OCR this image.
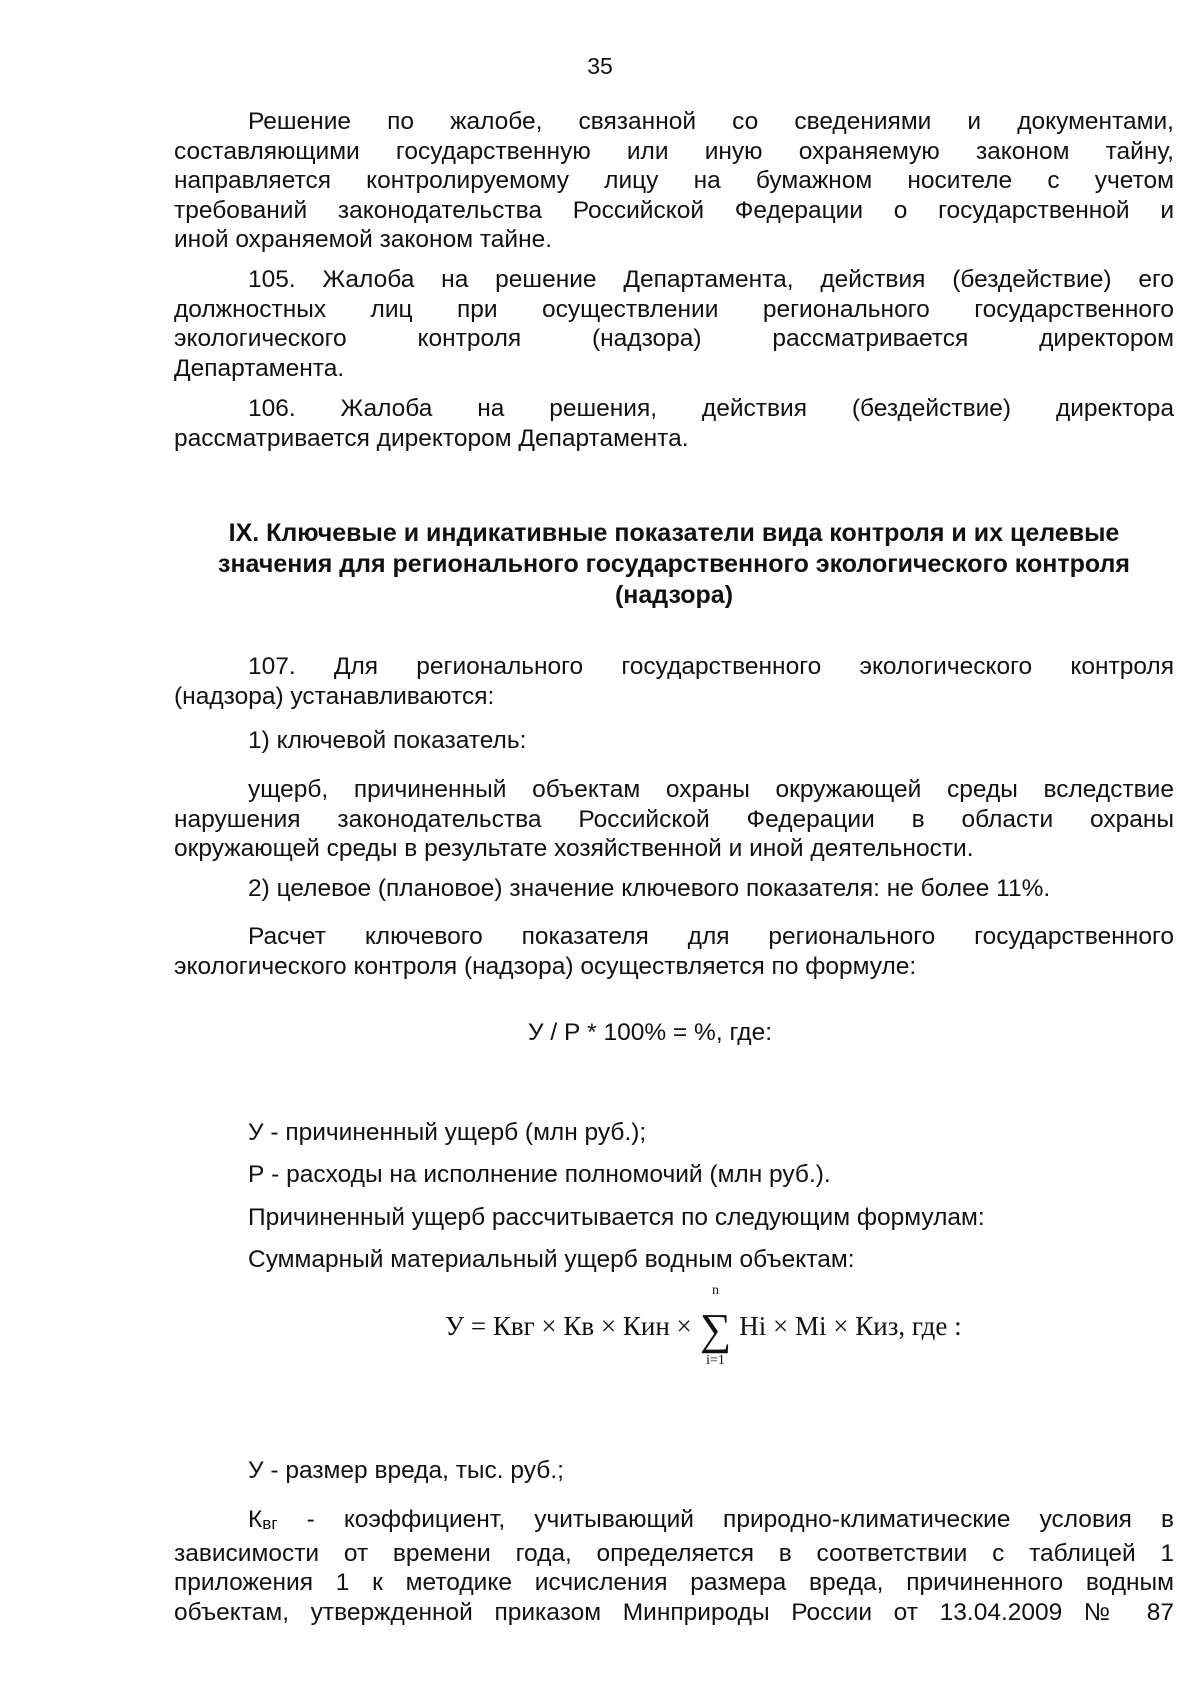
35
Решение по жалобе, связанной со сведениями и документами,
составляющими государственную или иную охраняемую законом тайну,
направляется контролируемому лицу на бумажном носителе с учетом
требований законодательства Российской Федерации о государственной и
иной охраняемой законом тайне.
105. Жалоба на решение Департамента, действия (бездействие) его
должностных лиц при осуществлении регионального государственного
экологического контроля (надзора) рассматривается директором
Департамента.
106. Жалоба на решения, действия (бездействие) директора
рассматривается директором Департамента.
IX. Ключевые и индикативные показатели вида контроля и их целевые
значения для регионального государственного экологического контроля
(надзора)
107. Для регионального государственного экологического контроля
(надзора) устанавливаются:
1) ключевой показатель:
ущерб, причиненный объектам охраны окружающей среды вследствие
нарушения законодательства Российской Федерации в области охраны
окружающей среды в результате хозяйственной и иной деятельности.
2) целевое (плановое) значение ключевого показателя: не более 11%.
Расчет ключевого показателя для регионального государственного
экологического контроля (надзора) осуществляется по формуле:
У / Р * 100% = %, где:
У - причиненный ущерб (млн руб.);
Р - расходы на исполнение полномочий (млн руб.).
Причиненный ущерб рассчитывается по следующим формулам:
Суммарный материальный ущерб водным объектам:
У = Квг × Кв × Кин ×
n
∑
i=1
Hi × Mi × Киз, где :
У - размер вреда, тыс. руб.;
$К_{вг}$ - коэффициент, учитывающий природно-климатические условия в
зависимости от времени года, определяется в соответствии с таблицей 1
приложения 1 к методике исчисления размера вреда, причиненного водным
объектам, утвержденной приказом Минприроды России от 13.04.2009 № 87
